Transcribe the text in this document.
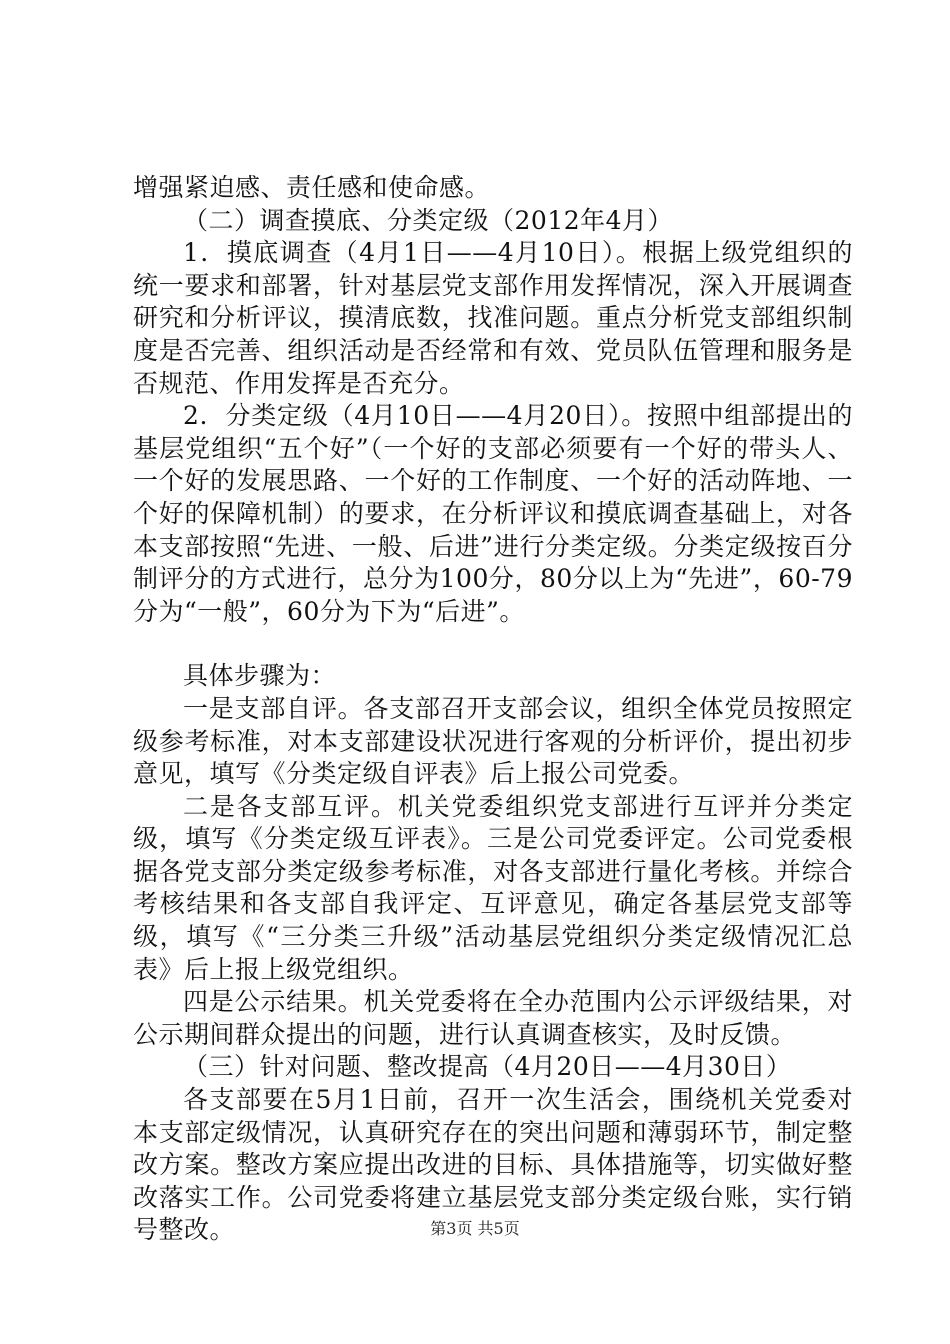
增强紧迫感、责任感和使命感。

（二）调查摸底、分类定级（2012年4月）

1．摸底调查（4月1日——4月10日）。根据上级党组织的统一要求和部署，针对基层党支部作用发挥情况，深入开展调查研究和分析评议，摸清底数，找准问题。重点分析党支部组织制度是否完善、组织活动是否经常和有效、党员队伍管理和服务是否规范、作用发挥是否充分。

2．分类定级（4月10日——4月20日）。按照中组部提出的基层党组织“五个好”（一个好的支部必须要有一个好的带头人、一个好的发展思路、一个好的工作制度、一个好的活动阵地、一个好的保障机制）的要求，在分析评议和摸底调查基础上，对各本支部按照“先进、一般、后进”进行分类定级。分类定级按百分制评分的方式进行，总分为100分，80分以上为“先进”，60-79分为“一般”，60分为下为“后进”。

具体步骤为：

一是支部自评。各支部召开支部会议，组织全体党员按照定级参考标准，对本支部建设状况进行客观的分析评价，提出初步意见，填写《分类定级自评表》后上报公司党委。

二是各支部互评。机关党委组织党支部进行互评并分类定级，填写《分类定级互评表》。三是公司党委评定。公司党委根据各党支部分类定级参考标准，对各支部进行量化考核。并综合考核结果和各支部自我评定、互评意见，确定各基层党支部等级，填写《“三分类三升级”活动基层党组织分类定级情况汇总表》后上报上级党组织。

四是公示结果。机关党委将在全办范围内公示评级结果，对公示期间群众提出的问题，进行认真调查核实，及时反馈。

（三）针对问题、整改提高（4月20日——4月30日）

各支部要在5月1日前，召开一次生活会，围绕机关党委对本支部定级情况，认真研究存在的突出问题和薄弱环节，制定整改方案。整改方案应提出改进的目标、具体措施等，切实做好整改落实工作。公司党委将建立基层党支部分类定级台账，实行销号整改。	第3页 共5页
